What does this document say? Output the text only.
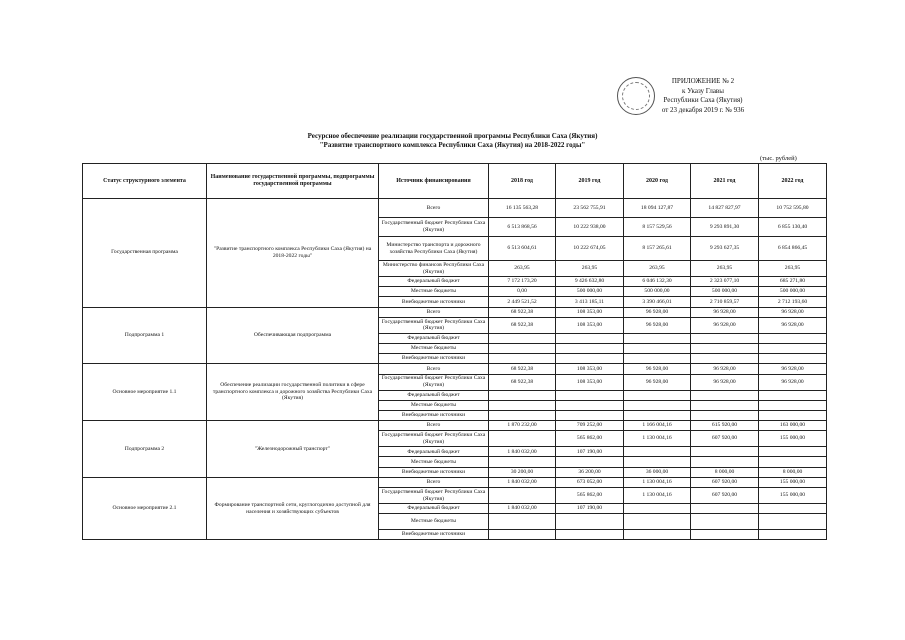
ПРИЛОЖЕНИЕ № 2
к Указу Главы
Республики Саха (Якутия)
от 23 декабря 2019 г. № 936
Ресурсное обеспечение реализации государственной программы Республики Саха (Якутия)
"Развитие транспортного комплекса Республики Саха (Якутия) на 2018-2022 годы"
(тыс. рублей)
Статус структурного элемента	Наименование государственной программы, подпрограммы государственной программы	Источник финансирования	2018 год	2019 год	2020 год	2021 год	2022 год
Государственная программа	"Развитие транспортного комплекса Республики Саха (Якутия) на 2018-2022 годы"	Всего	16 135 563,28	23 562 755,91	18 094 127,87	14 827 827,97	10 752 595,80
		Государственный бюджет Республики Саха (Якутия)	6 513 868,56	10 222 938,00	8 157 529,56	9 293 891,30	6 855 130,40
		Министерство транспорта и дорожного хозяйства Республики Саха (Якутия)	6 513 604,61	10 222 674,05	8 157 265,61	9 293 627,35	6 854 866,45
		Министерство финансов Республики Саха (Якутия)	263,95	263,95	263,95	263,95	263,95
		Федеральный бюджет	7 172 173,20	9 426 632,80	6 046 132,30	2 323 077,10	685 271,80
		Местные бюджеты	0,00	500 000,00	500 000,00	500 000,00	500 000,00
		Внебюджетные источники	2 449 521,52	3 413 185,11	3 390 466,01	2 710 859,57	2 712 193,60
Подпрограмма 1	Обеспечивающая подпрограмма	Всего	68 922,38	108 353,00	96 928,00	96 928,00	96 928,00
		Государственный бюджет Республики Саха (Якутия)	68 922,38	108 353,00	96 928,00	96 928,00	96 928,00
		Федеральный бюджет					
		Местные бюджеты					
		Внебюджетные источники					
Основное мероприятие 1.1	Обеспечение реализации государственной политики в сфере транспортного комплекса и дорожного хозяйства Республики Саха (Якутия)	Всего	68 922,38	108 353,00	96 928,00	96 928,00	96 928,00
		Государственный бюджет Республики Саха (Якутия)	68 922,38	108 353,00	96 928,00	96 928,00	96 928,00
		Федеральный бюджет					
		Местные бюджеты					
		Внебюджетные источники					
Подпрограмма 2	"Железнодорожный транспорт"	Всего	1 870 232,00	709 252,00	1 166 004,16	615 920,00	163 000,00
		Государственный бюджет Республики Саха (Якутия)		565 862,00	1 130 004,16	607 920,00	155 000,00
		Федеральный бюджет	1 840 032,00	107 190,00			
		Местные бюджеты					
		Внебюджетные источники	30 200,00	36 200,00	36 000,00	8 000,00	8 000,00
Основное мероприятие 2.1	Формирование транспортной сети, круглогодично доступной для населения и хозяйствующих субъектов	Всего	1 840 032,00	673 052,00	1 130 004,16	607 920,00	155 000,00
		Государственный бюджет Республики Саха (Якутия)		565 862,00	1 130 004,16	607 920,00	155 000,00
		Федеральный бюджет	1 840 032,00	107 190,00			
		Местные бюджеты					
		Внебюджетные источники					
